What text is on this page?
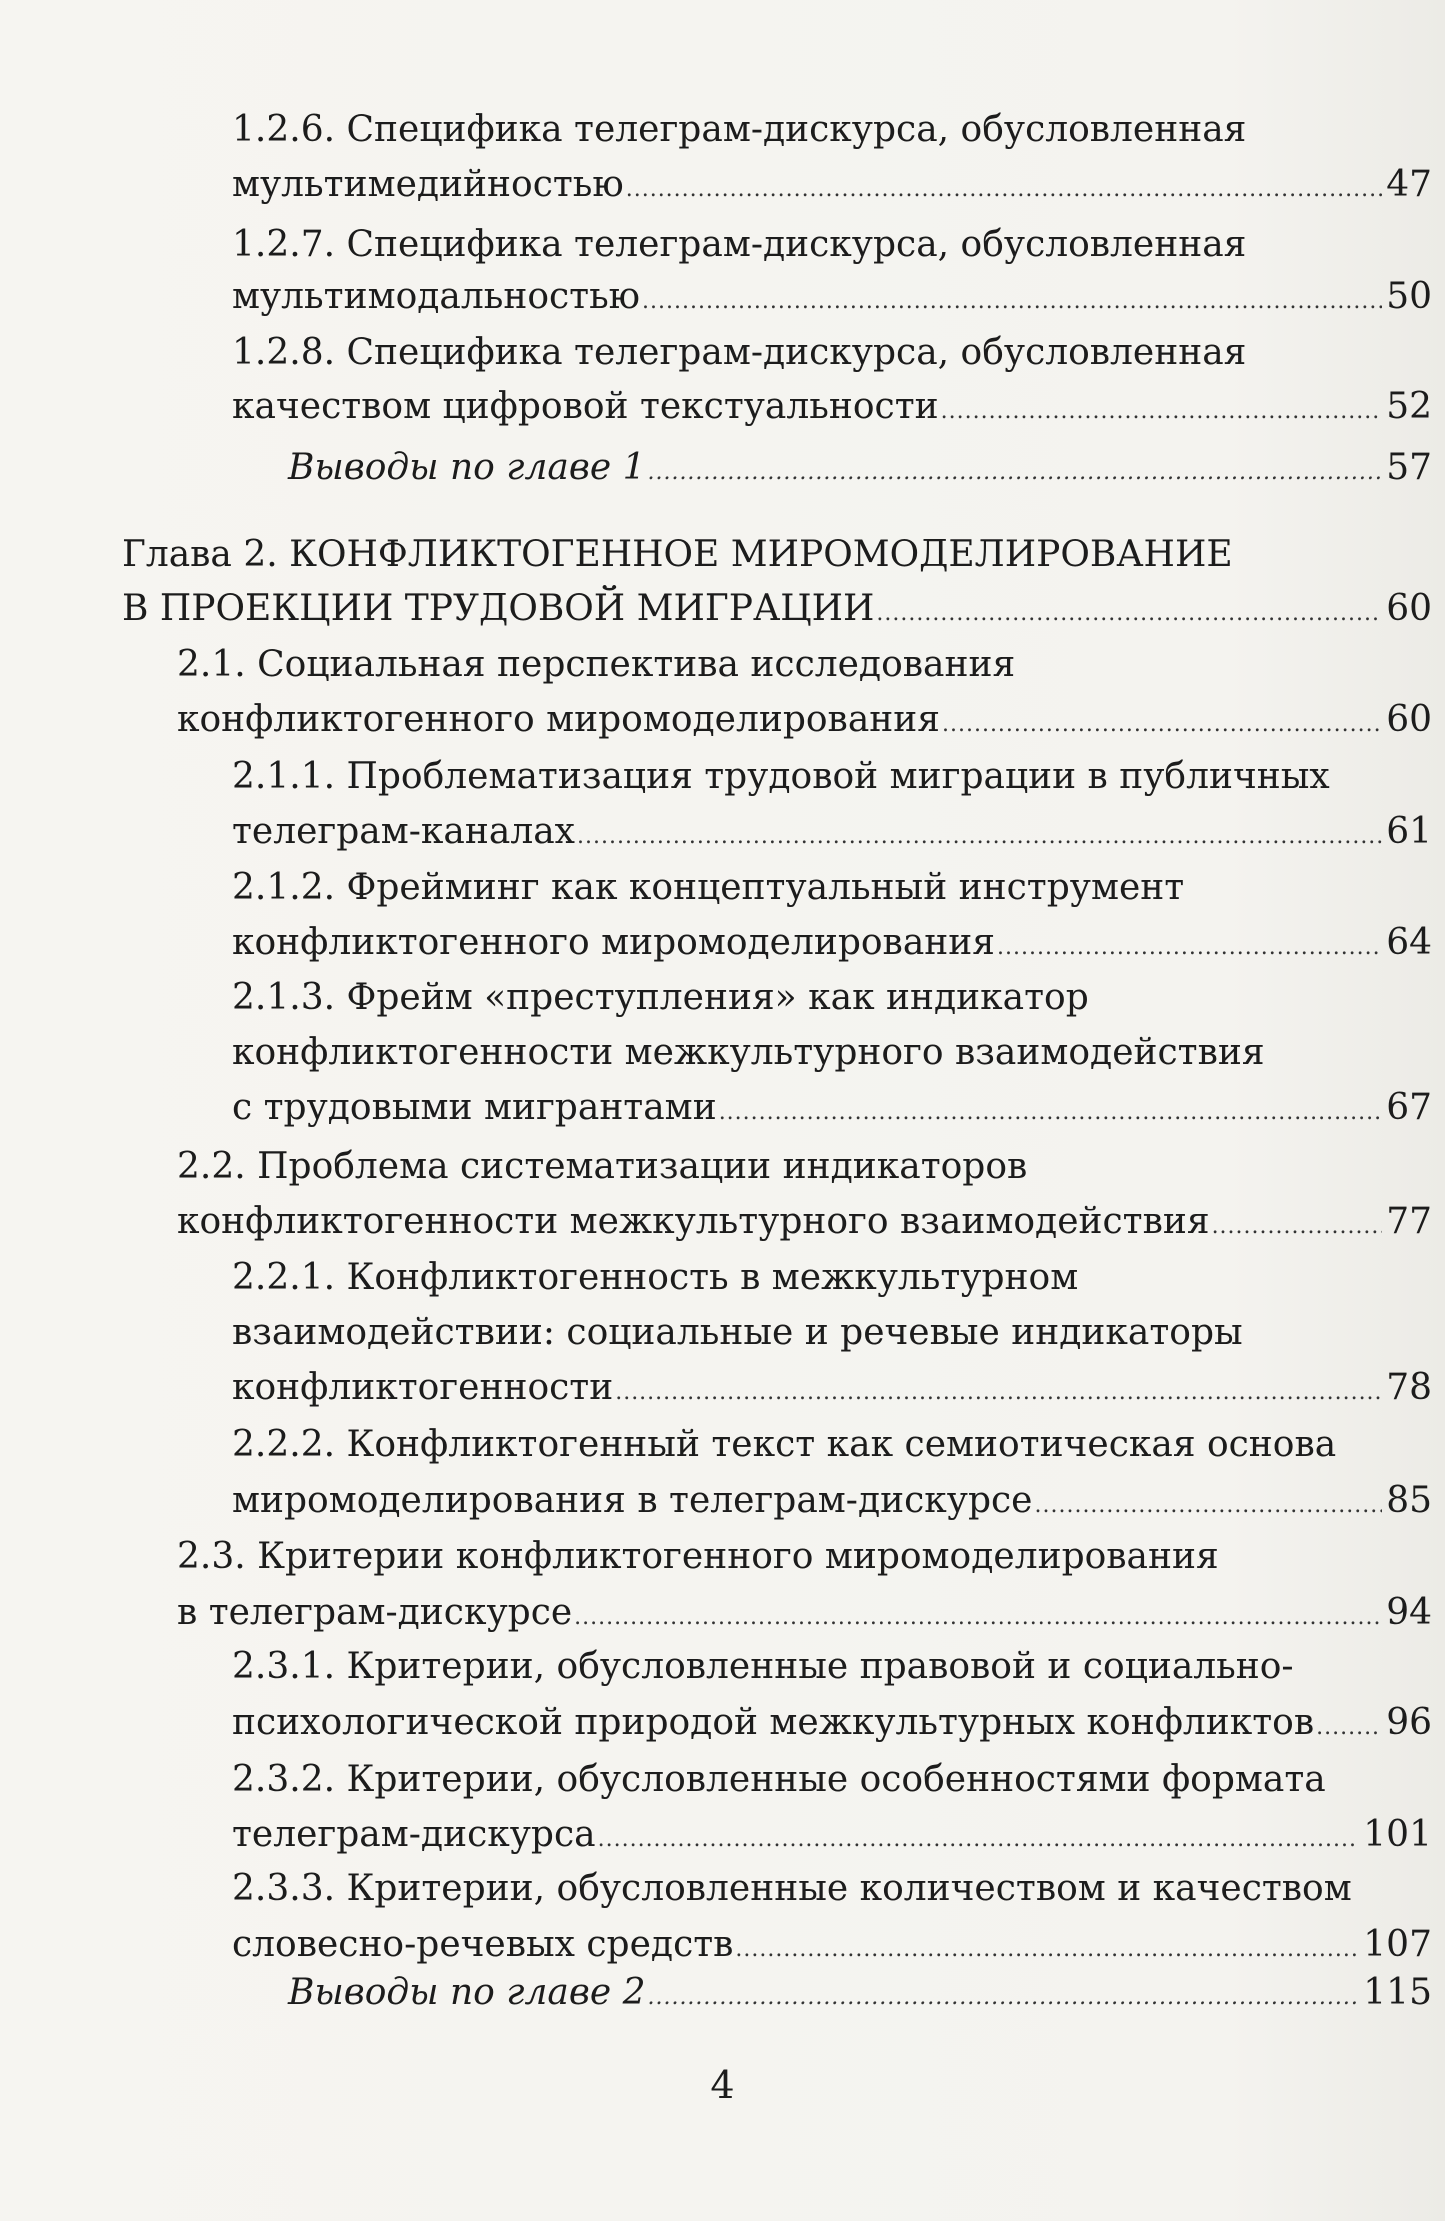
1.2.6. Специфика телеграм-дискурса, обусловленная
мультимедийностью .....	47
1.2.7. Специфика телеграм-дискурса, обусловленная
мультимодальностью .....	50
1.2.8. Специфика телеграм-дискурса, обусловленная
качеством цифровой текстуальности .....	52
Выводы по главе 1 .....	57
Глава 2. КОНФЛИКТОГЕННОЕ МИРОМОДЕЛИРОВАНИЕ
В ПРОЕКЦИИ ТРУДОВОЙ МИГРАЦИИ .....	60
2.1. Социальная перспектива исследования
конфликтогенного миромоделирования .....	60
2.1.1. Проблематизация трудовой миграции в публичных
телеграм-каналах .....	61
2.1.2. Фрейминг как концептуальный инструмент
конфликтогенного миромоделирования .....	64
2.1.3. Фрейм «преступления» как индикатор
конфликтогенности межкультурного взаимодействия
с трудовыми мигрантами .....	67
2.2. Проблема систематизации индикаторов
конфликтогенности межкультурного взаимодействия .....	77
2.2.1. Конфликтогенность в межкультурном
взаимодействии: социальные и речевые индикаторы
конфликтогенности .....	78
2.2.2. Конфликтогенный текст как семиотическая основа
миромоделирования в телеграм-дискурсе .....	85
2.3. Критерии конфликтогенного миромоделирования
в телеграм-дискурсе .....	94
2.3.1. Критерии, обусловленные правовой и социально-
психологической природой межкультурных конфликтов ..... 96
2.3.2. Критерии, обусловленные особенностями формата
телеграм-дискурса .....	101
2.3.3. Критерии, обусловленные количеством и качеством
словесно-речевых средств .....	107
Выводы по главе 2 .....	115
4
